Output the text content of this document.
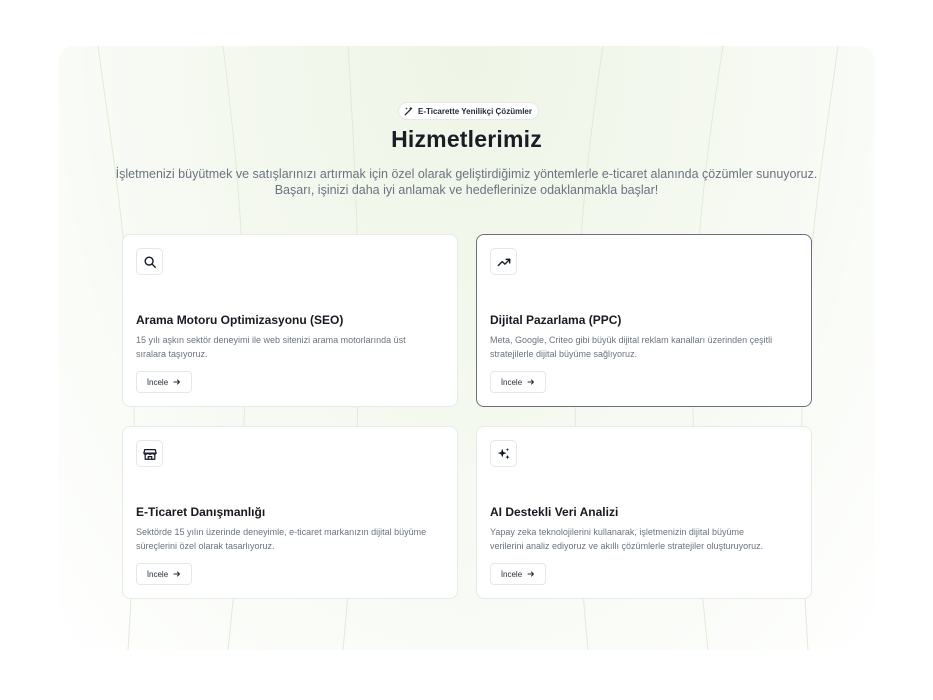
E-Ticarette Yenilikçi Çözümler
Hizmetlerimiz
İşletmenizi büyütmek ve satışlarınızı artırmak için özel olarak geliştirdiğimiz yöntemlerle e-ticaret alanında çözümler sunuyoruz.
Başarı, işinizi daha iyi anlamak ve hedeflerinize odaklanmakla başlar!
Arama Motoru Optimizasyonu (SEO)
15 yılı aşkın sektör deneyimi ile web sitenizi arama motorlarında üst
sıralara taşıyoruz.
İncele
Dijital Pazarlama (PPC)
Meta, Google, Criteo gibi büyük dijital reklam kanalları üzerinden çeşitli
stratejilerle dijital büyüme sağlıyoruz.
İncele
E-Ticaret Danışmanlığı
Sektörde 15 yılın üzerinde deneyimle, e-ticaret markanızın dijital büyüme
süreçlerini özel olarak tasarlıyoruz.
İncele
AI Destekli Veri Analizi
Yapay zeka teknolojilerini kullanarak, işletmenizin dijital büyüme
verilerini analiz ediyoruz ve akıllı çözümlerle stratejiler oluşturuyoruz.
İncele
